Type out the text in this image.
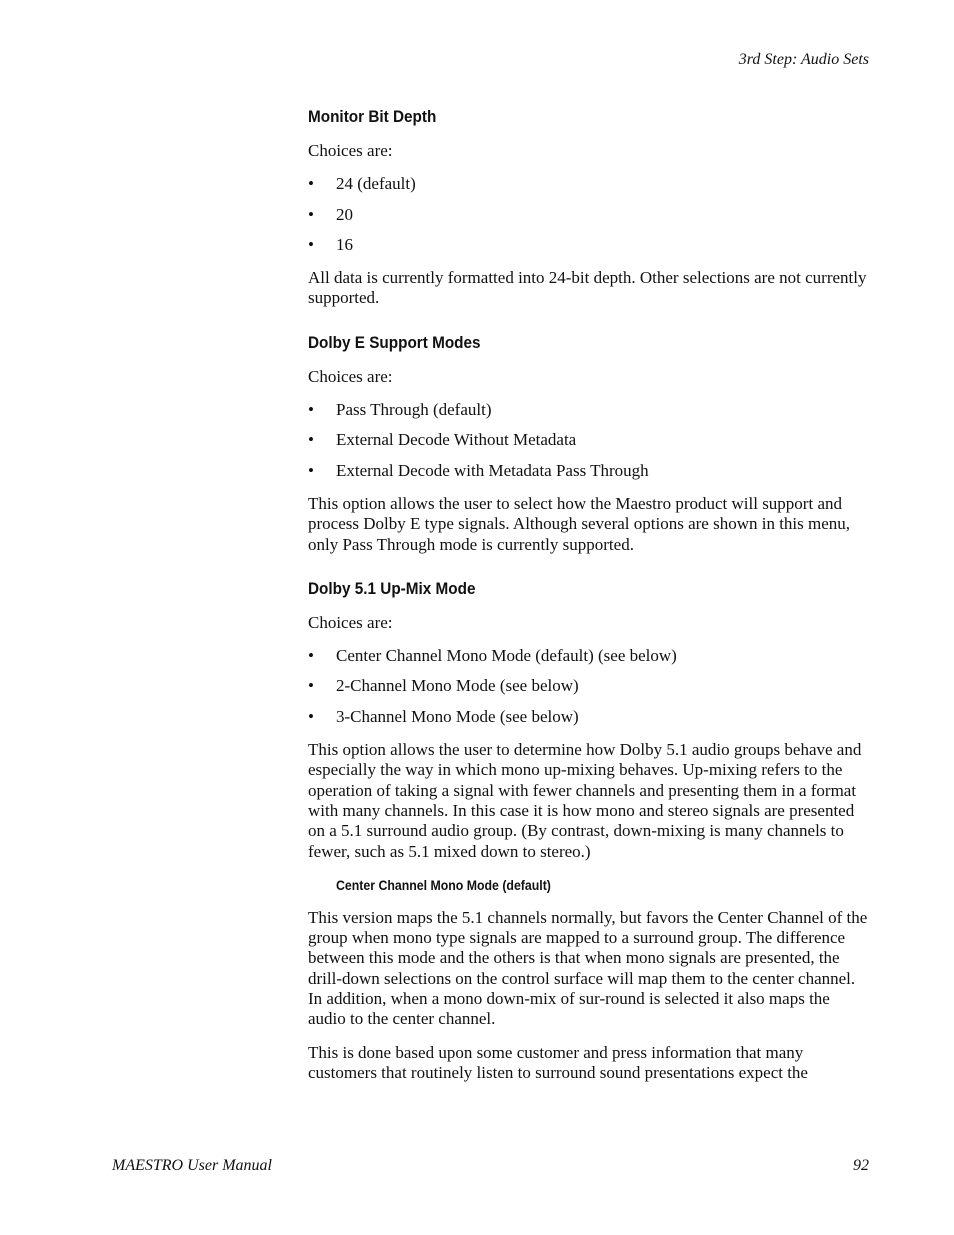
3rd Step: Audio Sets
Monitor Bit Depth

Choices are:

• 24 (default)
• 20
• 16

All data is currently formatted into 24-bit depth. Other selections are not currently supported.

Dolby E Support Modes

Choices are:

• Pass Through (default)
• External Decode Without Metadata
• External Decode with Metadata Pass Through

This option allows the user to select how the Maestro product will support and process Dolby E type signals. Although several options are shown in this menu, only Pass Through mode is currently supported.

Dolby 5.1 Up-Mix Mode

Choices are:

• Center Channel Mono Mode (default) (see below)
• 2-Channel Mono Mode (see below)
• 3-Channel Mono Mode (see below)

This option allows the user to determine how Dolby 5.1 audio groups behave and especially the way in which mono up-mixing behaves. Up-mixing refers to the operation of taking a signal with fewer channels and presenting them in a format with many channels. In this case it is how mono and stereo signals are presented on a 5.1 surround audio group. (By contrast, down-mixing is many channels to fewer, such as 5.1 mixed down to stereo.)

Center Channel Mono Mode (default)

This version maps the 5.1 channels normally, but favors the Center Channel of the group when mono type signals are mapped to a surround group. The difference between this mode and the others is that when mono signals are presented, the drill-down selections on the control surface will map them to the center channel. In addition, when a mono down-mix of sur-round is selected it also maps the audio to the center channel.

This is done based upon some customer and press information that many customers that routinely listen to surround sound presentations expect the

MAESTRO User Manual	92
